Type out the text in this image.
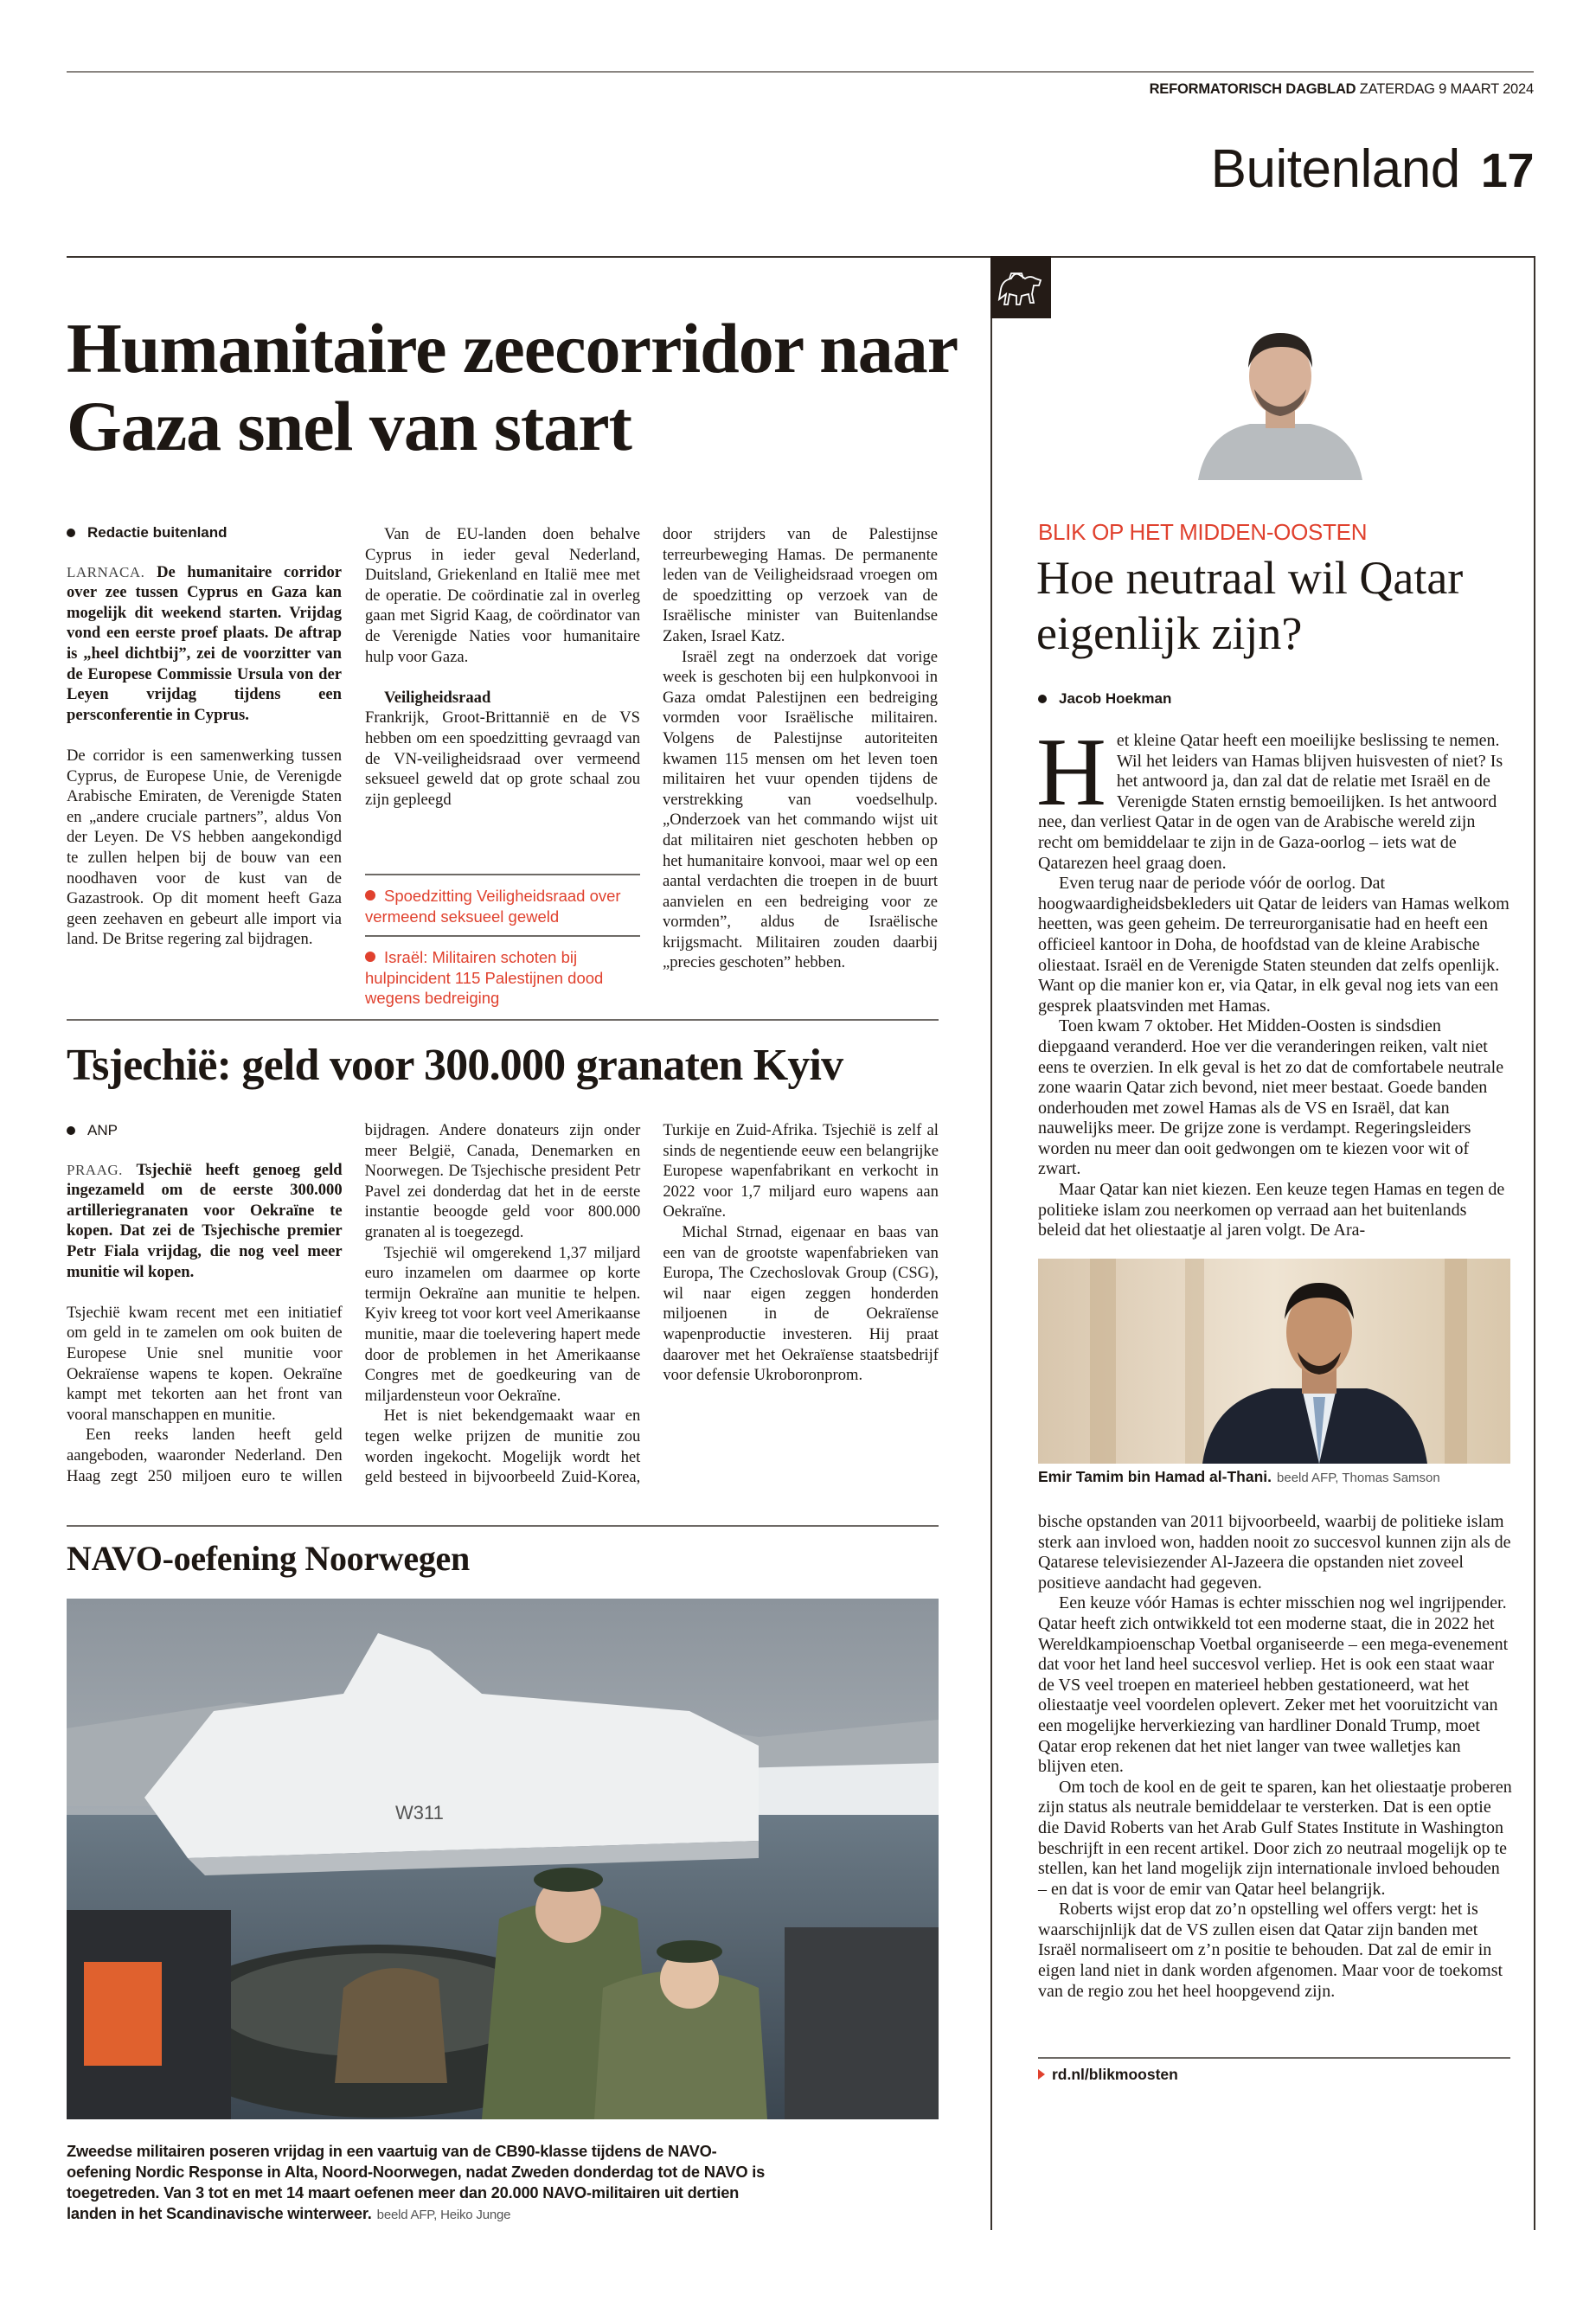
REFORMATORISCH DAGBLAD ZATERDAG 9 MAART 2024
Buitenland 17
Humanitaire zeecorridor naar Gaza snel van start
Redactie buitenland

LARNACA. De humanitaire corridor over zee tussen Cyprus en Gaza kan mogelijk dit weekend starten. Vrijdag vond een eerste proef plaats. De aftrap is „heel dichtbij”, zei de voorzitter van de Europese Commissie Ursula von der Leyen vrijdag tijdens een persconferentie in Cyprus.

De corridor is een samenwerking tussen Cyprus, de Europese Unie, de Verenigde Arabische Emiraten, de Verenigde Staten en „andere cruciale partners”, aldus Von der Leyen. De VS hebben aangekondigd te zullen helpen bij de bouw van een noodhaven voor de kust van de Gazastrook. Op dit moment heeft Gaza geen zeehaven en gebeurt alle import via land. De Britse regering zal bijdragen.

Van de EU-landen doen behalve Cyprus in ieder geval Nederland, Duitsland, Griekenland en Italië mee met de operatie. De coördinatie zal in overleg gaan met Sigrid Kaag, de coördinator van de Verenigde Naties voor humanitaire hulp voor Gaza.

Veiligheidsraad

Frankrijk, Groot-Brittannië en de VS hebben om een spoedzitting gevraagd van de VN-veiligheidsraad over vermeend seksueel geweld dat op grote schaal zou zijn gepleegd

Spoedzitting Veiligheidsraad over vermeend seksueel geweld
Israël: Militairen schoten bij hulpincident 115 Palestijnen dood wegens bedreiging

door strijders van de Palestijnse terreurbeweging Hamas. De permanente leden van de Veiligheidsraad vroegen om de spoedzitting op verzoek van de Israëlische minister van Buitenlandse Zaken, Israel Katz.

Israël zegt na onderzoek dat vorige week is geschoten bij een hulpkonvooi in Gaza omdat Palestijnen een bedreiging vormden voor Israëlische militairen. Volgens de Palestijnse autoriteiten kwamen 115 mensen om het leven toen militairen het vuur openden tijdens de verstrekking van voedselhulp. „Onderzoek van het commando wijst uit dat militairen niet geschoten hebben op het humanitaire konvooi, maar wel op een aantal verdachten die troepen in de buurt aanvielen en een bedreiging voor ze vormden”, aldus de Israëlische krijgsmacht. Militairen zouden daarbij „precies geschoten” hebben.

Tsjechië: geld voor 300.000 granaten Kyiv
ANP

PRAAG. Tsjechië heeft genoeg geld ingezameld om de eerste 300.000 artilleriegranaten voor Oekraïne te kopen. Dat zei de Tsjechische premier Petr Fiala vrijdag, die nog veel meer munitie wil kopen.

Tsjechië kwam recent met een initiatief om geld in te zamelen om ook buiten de Europese Unie snel munitie voor Oekraïense wapens te kopen. Oekraïne kampt met tekorten aan het front van vooral manschappen en munitie.

Een reeks landen heeft geld aangeboden, waaronder Nederland. Den Haag zegt 250 miljoen euro te willen bijdragen. Andere donateurs zijn onder meer België, Canada, Denemarken en Noorwegen. De Tsjechische president Petr Pavel zei donderdag dat het in de eerste instantie beoogde geld voor 800.000 granaten al is toegezegd.

Tsjechië wil omgerekend 1,37 miljard euro inzamelen om daarmee op korte termijn Oekraïne aan munitie te helpen. Kyiv kreeg tot voor kort veel Amerikaanse munitie, maar die toelevering hapert mede door de problemen in het Amerikaanse Congres met de goedkeuring van de miljardensteun voor Oekraïne.

Het is niet bekendgemaakt waar en tegen welke prijzen de munitie zou worden ingekocht. Mogelijk wordt het geld besteed in bijvoorbeeld Zuid-Korea, Turkije en Zuid-Afrika. Tsjechië is zelf al sinds de negentiende eeuw een belangrijke Europese wapenfabrikant en verkocht in 2022 voor 1,7 miljard euro wapens aan Oekraïne.

Michal Strnad, eigenaar en baas van een van de grootste wapenfabrieken van Europa, The Czechoslovak Group (CSG), wil naar eigen zeggen honderden miljoenen in de Oekraïense wapenproductie investeren. Hij praat daarover met het Oekraïense staatsbedrijf voor defensie Ukroboronprom.

NAVO-oefening Noorwegen
W311
Zweedse militairen poseren vrijdag in een vaartuig van de CB90-klasse tijdens de NAVO-oefening Nordic Response in Alta, Noord-Noorwegen, nadat Zweden donderdag tot de NAVO is toegetreden. Van 3 tot en met 14 maart oefenen meer dan 20.000 NAVO-militairen uit dertien landen in het Scandinavische winterweer. beeld AFP, Heiko Junge
BLIK OP HET MIDDEN-OOSTEN
Hoe neutraal wil Qatar eigenlijk zijn?
Jacob Hoekman

Het kleine Qatar heeft een moeilijke beslissing te nemen. Wil het leiders van Hamas blijven huisvesten of niet? Is het antwoord ja, dan zal dat de relatie met Israël en de Verenigde Staten ernstig bemoeilijken. Is het antwoord nee, dan verliest Qatar in de ogen van de Arabische wereld zijn recht om bemiddelaar te zijn in de Gaza-oorlog – iets wat de Qatarezen heel graag doen.

Even terug naar de periode vóór de oorlog. Dat hoogwaardigheidsbekleders uit Qatar de leiders van Hamas welkom heetten, was geen geheim. De terreurorganisatie had en heeft een officieel kantoor in Doha, de hoofdstad van de kleine Arabische oliestaat. Israël en de Verenigde Staten steunden dat zelfs openlijk. Want op die manier kon er, via Qatar, in elk geval nog iets van een gesprek plaatsvinden met Hamas.

Toen kwam 7 oktober. Het Midden-Oosten is sindsdien diepgaand veranderd. Hoe ver die veranderingen reiken, valt niet eens te overzien. In elk geval is het zo dat de comfortabele neutrale zone waarin Qatar zich bevond, niet meer bestaat. Goede banden onderhouden met zowel Hamas als de VS en Israël, dat kan nauwelijks meer. De grijze zone is verdampt. Regeringsleiders worden nu meer dan ooit gedwongen om te kiezen voor wit of zwart.

Maar Qatar kan niet kiezen. Een keuze tegen Hamas en tegen de politieke islam zou neerkomen op verraad aan het buitenlands beleid dat het oliestaatje al jaren volgt. De Ara-

Emir Tamim bin Hamad al-Thani. beeld AFP, Thomas Samson

bische opstanden van 2011 bijvoorbeeld, waarbij de politieke islam sterk aan invloed won, hadden nooit zo succesvol kunnen zijn als de Qatarese televisiezender Al-Jazeera die opstanden niet zoveel positieve aandacht had gegeven.

Een keuze vóór Hamas is echter misschien nog wel ingrijpender. Qatar heeft zich ontwikkeld tot een moderne staat, die in 2022 het Wereldkampioenschap Voetbal organiseerde – een mega-evenement dat voor het land heel succesvol verliep. Het is ook een staat waar de VS veel troepen en materieel hebben gestationeerd, wat het oliestaatje veel voordelen oplevert. Zeker met het vooruitzicht van een mogelijke herverkiezing van hardliner Donald Trump, moet Qatar erop rekenen dat het niet langer van twee walletjes kan blijven eten.

Om toch de kool en de geit te sparen, kan het oliestaatje proberen zijn status als neutrale bemiddelaar te versterken. Dat is een optie die David Roberts van het Arab Gulf States Institute in Washington beschrijft in een recent artikel. Door zich zo neutraal mogelijk op te stellen, kan het land mogelijk zijn internationale invloed behouden – en dat is voor de emir van Qatar heel belangrijk.

Roberts wijst erop dat zo’n opstelling wel offers vergt: het is waarschijnlijk dat de VS zullen eisen dat Qatar zijn banden met Israël normaliseert om z’n positie te behouden. Dat zal de emir in eigen land niet in dank worden afgenomen. Maar voor de toekomst van de regio zou het heel hoopgevend zijn.

rd.nl/blikmoosten
